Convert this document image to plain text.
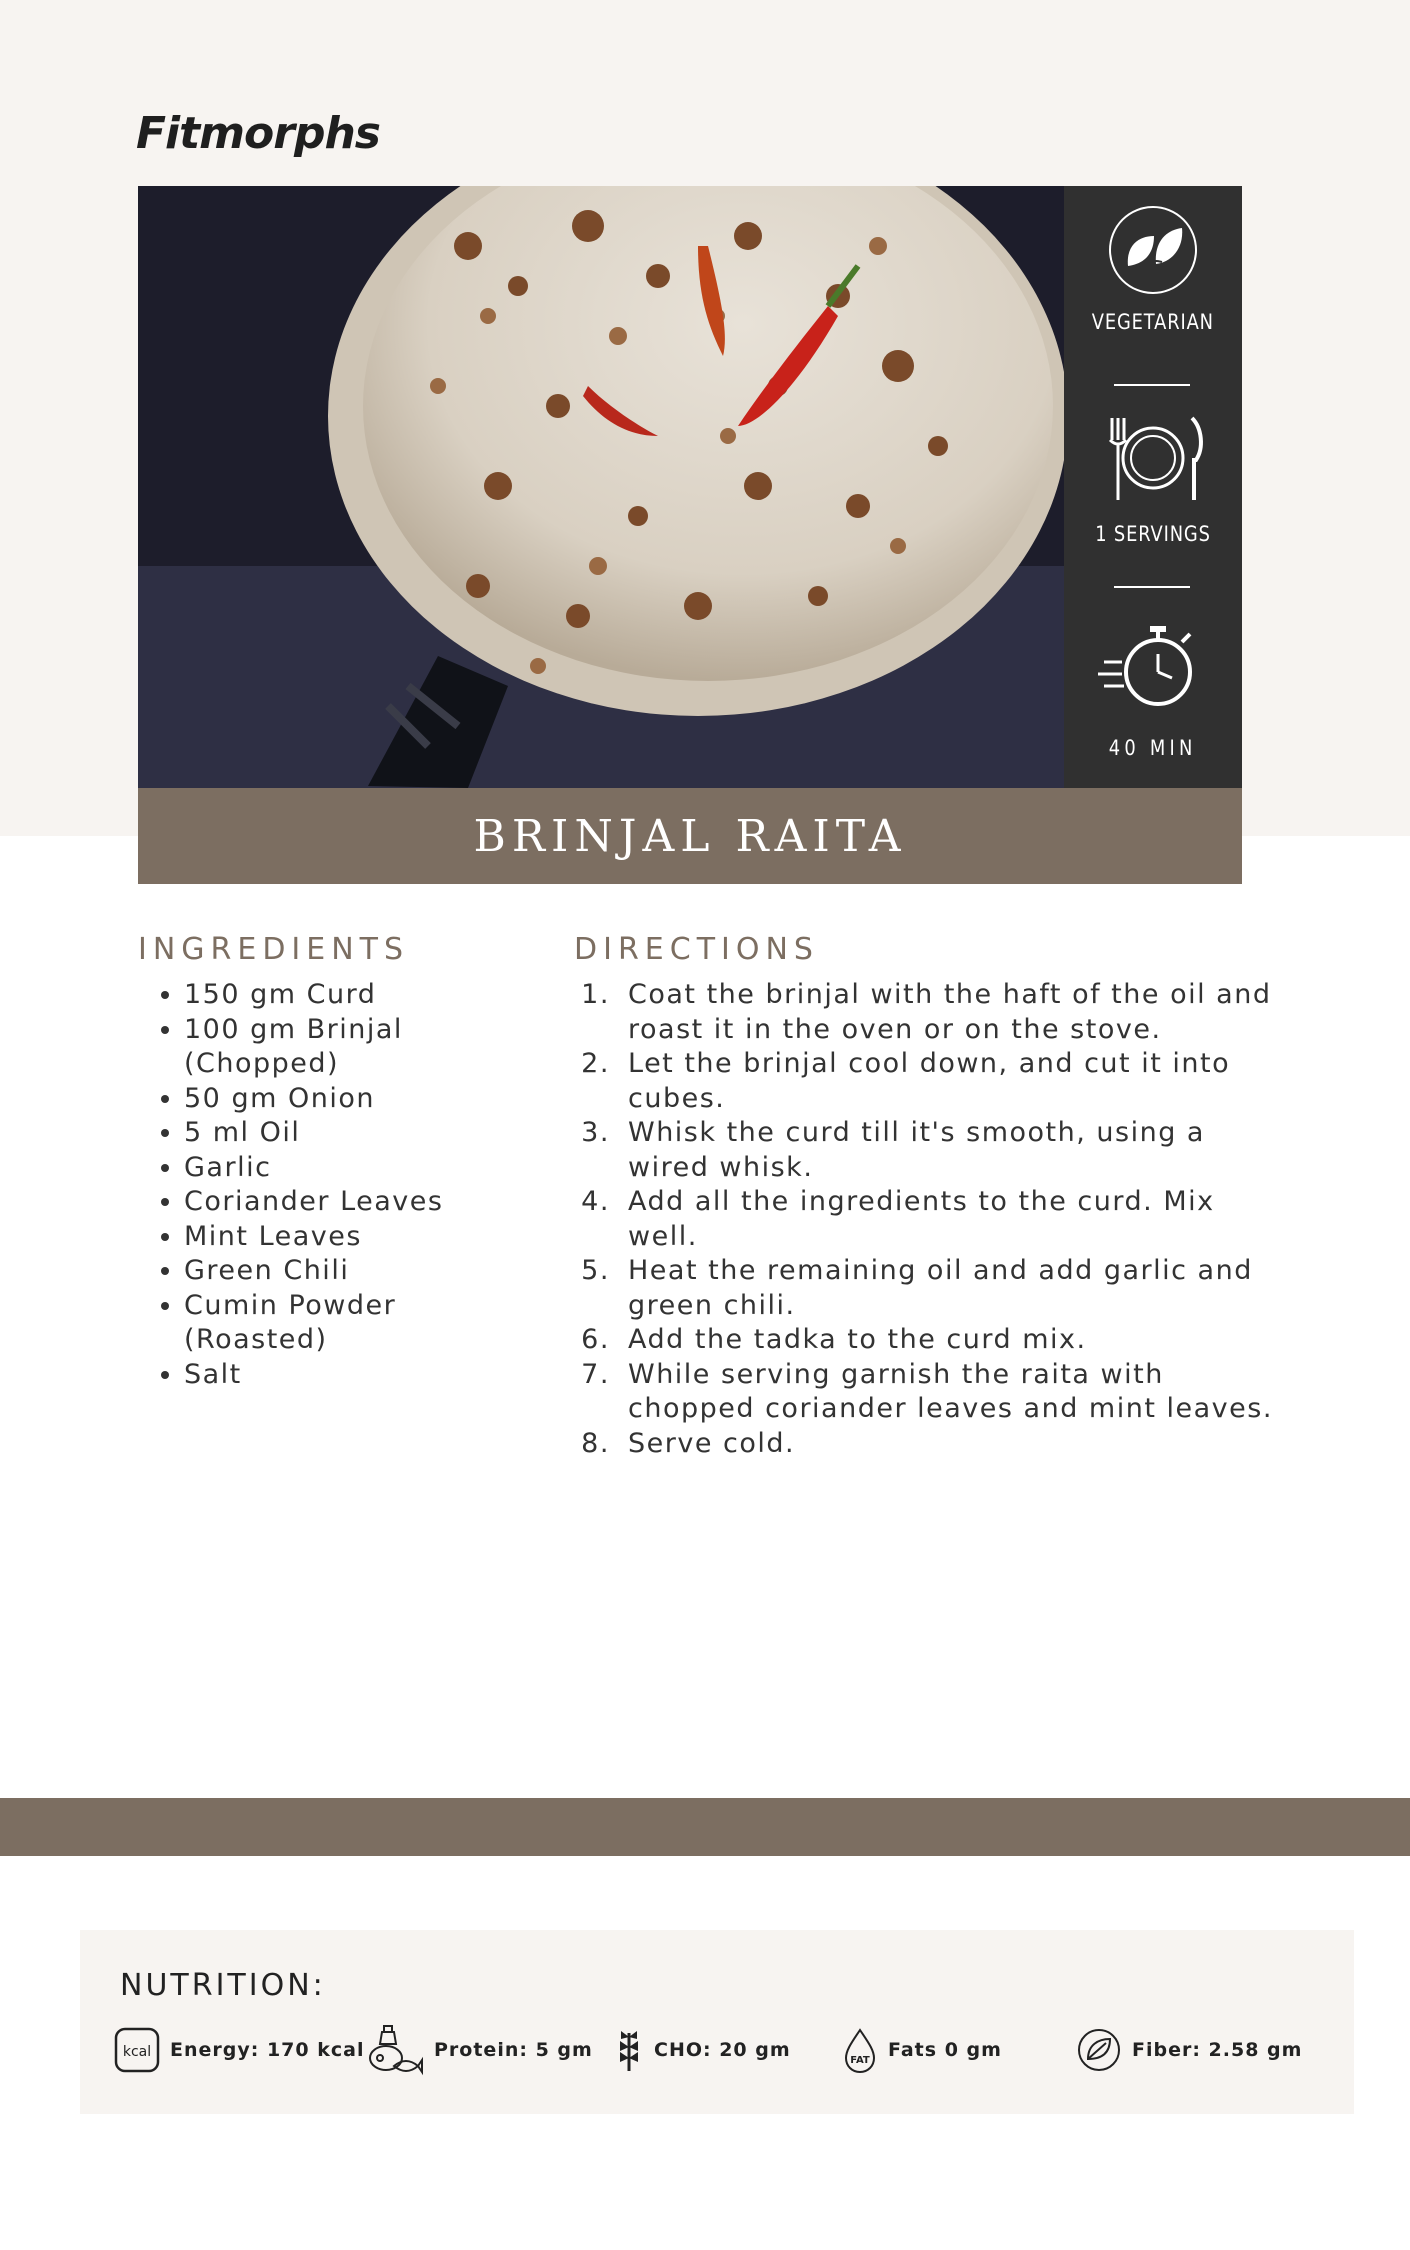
Fitmorphs
VEGETARIAN
1 SERVINGS
40 MIN
BRINJAL RAITA
INGREDIENTS
• 150 gm Curd
• 100 gm Brinjal (Chopped)
• 50 gm Onion
• 5 ml Oil
• Garlic
• Coriander Leaves
• Mint Leaves
• Green Chili
• Cumin Powder (Roasted)
• Salt
DIRECTIONS
1. Coat the brinjal with the haft of the oil and roast it in the oven or on the stove.
2. Let the brinjal cool down, and cut it into cubes.
3. Whisk the curd till it's smooth, using a wired whisk.
4. Add all the ingredients to the curd. Mix well.
5. Heat the remaining oil and add garlic and green chili.
6. Add the tadka to the curd mix.
7. While serving garnish the raita with chopped coriander leaves and mint leaves.
8. Serve cold.
NUTRITION:
kcal Energy: 170 kcal	Protein: 5 gm	CHO: 20 gm	FAT Fats 0 gm	Fiber: 2.58 gm
